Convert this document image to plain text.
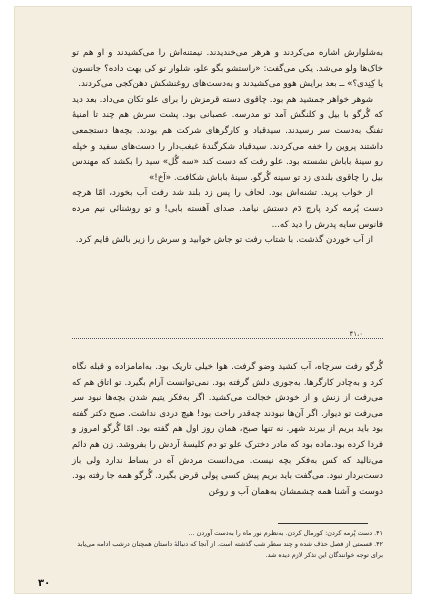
به‌شلوارش اشاره می‌کردند و هرهر می‌خندیدند. نیمتنه‌اش را می‌کشیدند و او هم تو خاک‌ها ولو می‌شد. یکی می‌گفت: «راستشو بگو علو، شلوار تو کی بهت داده؟ جانسون یا کِنِدی؟» ــ بعد برایش هوو می‌کشیدند و به‌دست‌های روغنشکش دهن‌کجی می‌کردند.

شوهر خواهر جمشید هم بود. چاقوی دسته قرمزش را برای علو تکان می‌داد. بعد دید که گُرگو با بیل و کلنگش آمد تو مدرسه. عصبانی بود. پشت سرش هم چند تا امنیهٔ تفنگ به‌دست سر رسیدند. سیدقباد و کارگرهای شرکت هم بودند. بچه‌ها دستجمعی داشتند پروین را خفه می‌کردند. سیدقباد شکرگندهٔ غبغب‌دار را دست‌های سفید و خپله رو سینهٔ باباش نشسته بود. علو رفت که دست کند «سه گُل» سید را بکشد که مهندس بیل را چاقوی بلندی زد تو سینه گُرگو. سینهٔ باباش شکافت. «آخ!»

از خواب پرید. تشنه‌اش بود. لحاف را پس زد بلند شد رفت آب بخورد، امّا هرچه دست پُرمه کرد پارچ دَم دستش نیامد. صدای آهسته بابی! و تو روشنائی نیم مرده فانوس سایه پدرش را دید که...

از آب خوردن گذشت. با شتاب رفت تو جاش خوابید و سرش را زیر بالش قایم کرد.

۴۱،۰

گُرگو رفت سرچاه، آب کشید وضو گرفت. هوا خیلی تاریک بود. به‌امامزاده و قبله نگاه کرد و به‌چادر کارگرها. به‌جوری دلش گرفته بود. نمی‌توانست آرام بگیرد. تو اتاق هم که می‌رفت از زنش و از خودش خجالت می‌کشید. اگر به‌فکر یتیم شدن بچه‌ها نبود سر می‌رفت تو دیوار. اگر آن‌ها نبودند چه‌قدر راحت بود! هیچ دردی نداشت. صبح دکتر گفته بود باید بریم از بیرند شهر. نه تنها صبح، همان روز اول هم گفته بود. امّا گُرگو امروز و فردا کرده بود.ماده بود که مادر دخترک علو تو دم کلیسهٔ آردش را بفروشد. زن هم دائم می‌نالید که کس به‌فکر بچه نیست. می‌دانست مردش آه در بساط ندارد ولی باز دست‌بردار نبود. می‌گفت باید بریم پیش کسی پولی قرض بگیرد. گُرگو همه جا رفته بود. دوست و آشنا همه چشمشان به‌همان آب و روغن

۴۱. دست پُرمه کردن: کورمال کردن. به‌نظرم نور ماه را به‌دست آوردن ...

۴۲. قسمتی از فصل حذف شده و چند سطر شب گذشته است. از آنجا که دنبالهٔ داستان همچنان درشب ادامه می‌یابد برای توجه خوانندگان این تذکر لازم دیده شد.

۳۰
